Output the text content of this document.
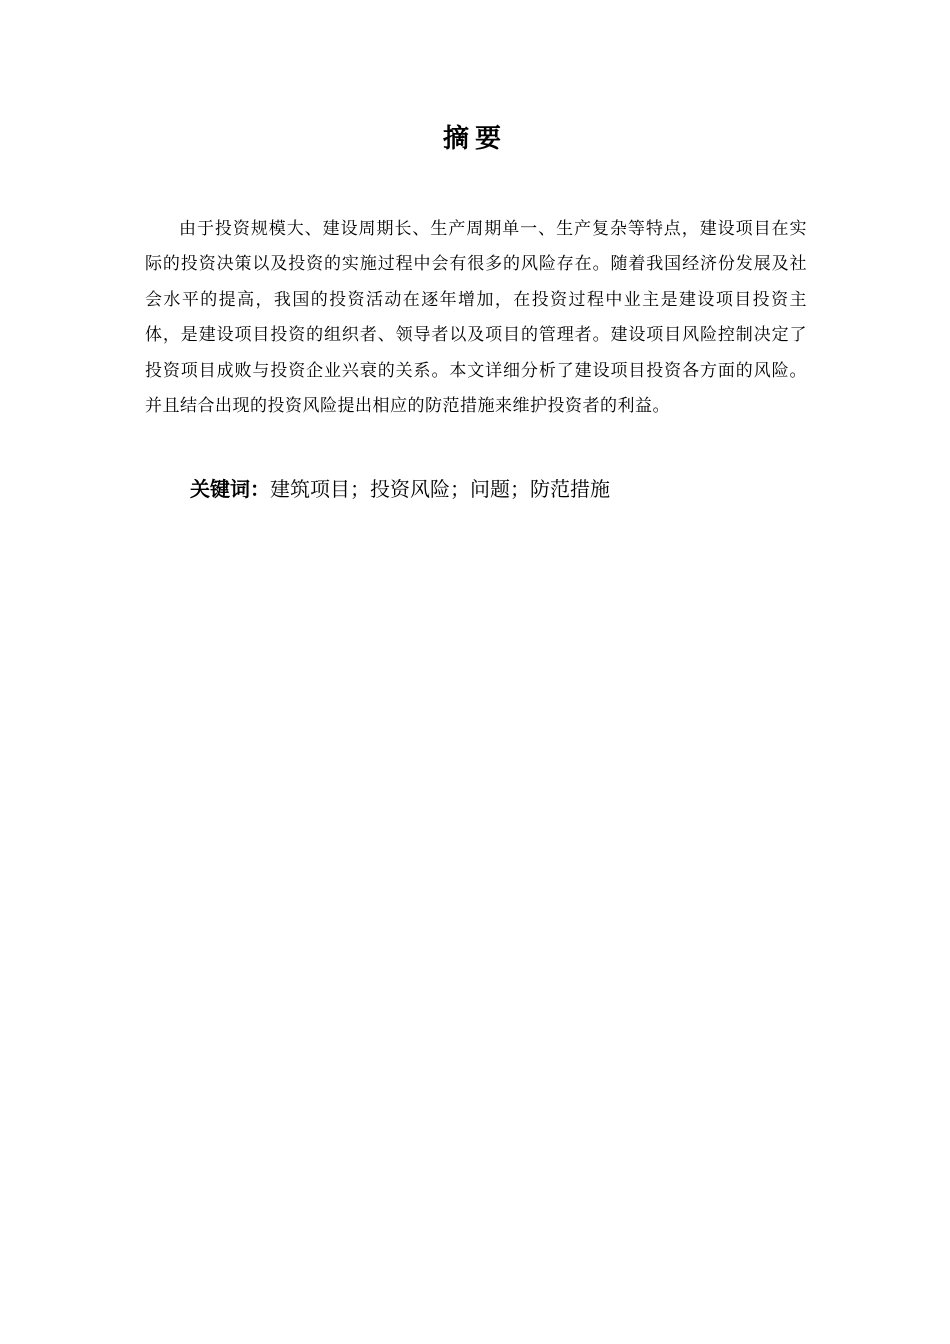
摘要

由于投资规模大、建设周期长、生产周期单一、生产复杂等特点，建设项目在实际的投资决策以及投资的实施过程中会有很多的风险存在。随着我国经济份发展及社会水平的提高，我国的投资活动在逐年增加，在投资过程中业主是建设项目投资主体，是建设项目投资的组织者、领导者以及项目的管理者。建设项目风险控制决定了投资项目成败与投资企业兴衰的关系。本文详细分析了建设项目投资各方面的风险。并且结合出现的投资风险提出相应的防范措施来维护投资者的利益。

关键词：建筑项目；投资风险；问题；防范措施
